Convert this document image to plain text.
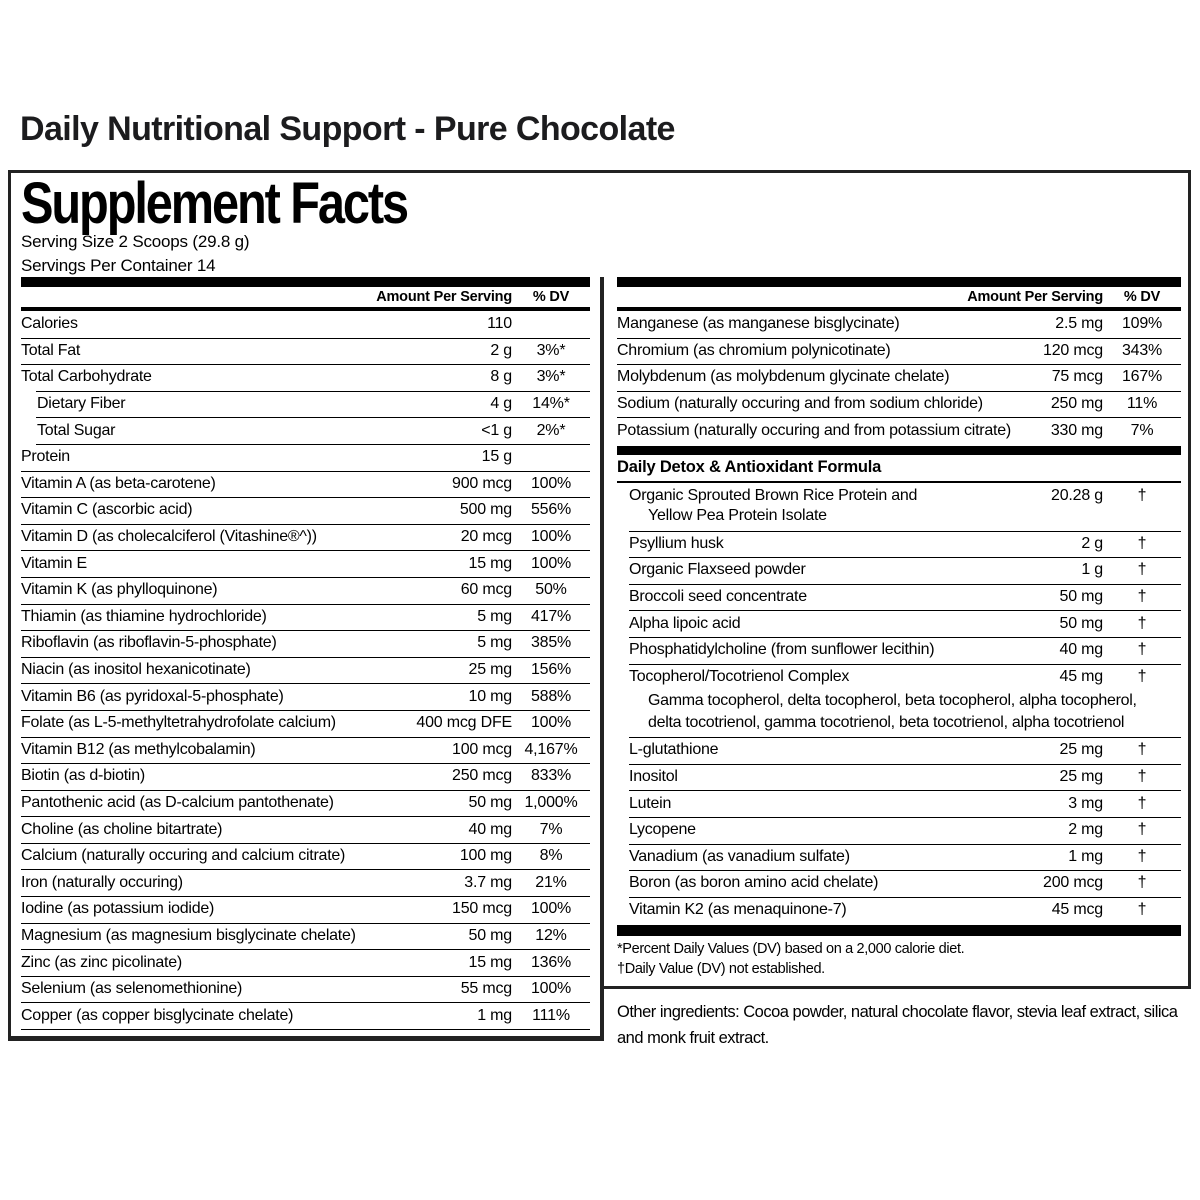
Daily Nutritional Support - Pure Chocolate
Supplement Facts
Serving Size 2 Scoops (29.8 g)
Servings Per Container 14
Amount Per Serving	% DV
Calories	110
Total Fat	2 g	3%*
Total Carbohydrate	8 g	3%*
Dietary Fiber	4 g	14%*
Total Sugar	<1 g	2%*
Protein	15 g
Vitamin A (as beta-carotene)	900 mcg	100%
Vitamin C (ascorbic acid)	500 mg	556%
Vitamin D (as cholecalciferol (Vitashine®^))	20 mcg	100%
Vitamin E	15 mg	100%
Vitamin K (as phylloquinone)	60 mcg	50%
Thiamin (as thiamine hydrochloride)	5 mg	417%
Riboflavin (as riboflavin-5-phosphate)	5 mg	385%
Niacin (as inositol hexanicotinate)	25 mg	156%
Vitamin B6 (as pyridoxal-5-phosphate)	10 mg	588%
Folate (as L-5-methyltetrahydrofolate calcium)	400 mcg DFE	100%
Vitamin B12 (as methylcobalamin)	100 mcg 4,167%
Biotin (as d-biotin)	250 mcg	833%
Pantothenic acid (as D-calcium pantothenate)	50 mg 1,000%
Choline (as choline bitartrate)	40 mg	7%
Calcium (naturally occuring and calcium citrate)	100 mg	8%
Iron (naturally occuring)	3.7 mg	21%
Iodine (as potassium iodide)	150 mcg	100%
Magnesium (as magnesium bisglycinate chelate)	50 mg	12%
Zinc (as zinc picolinate)	15 mg	136%
Selenium (as selenomethionine)	55 mcg	100%
Copper (as copper bisglycinate chelate)	1 mg	111%
Amount Per Serving	% DV
Manganese (as manganese bisglycinate)	2.5 mg	109%
Chromium (as chromium polynicotinate)	120 mcg	343%
Molybdenum (as molybdenum glycinate chelate)	75 mcg	167%
Sodium (naturally occuring and from sodium chloride)	250 mg	11%
Potassium (naturally occuring and from potassium citrate)	330 mg	7%
Daily Detox & Antioxidant Formula
Organic Sprouted Brown Rice Protein and	20.28 g	†
Yellow Pea Protein Isolate
Psyllium husk	2 g	†
Organic Flaxseed powder	1 g	†
Broccoli seed concentrate	50 mg	†
Alpha lipoic acid	50 mg	†
Phosphatidylcholine (from sunflower lecithin)	40 mg	†
Tocopherol/Tocotrienol Complex	45 mg	†
Gamma tocopherol, delta tocopherol, beta tocopherol, alpha tocopherol,
delta tocotrienol, gamma tocotrienol, beta tocotrienol, alpha tocotrienol
L-glutathione	25 mg	†
Inositol	25 mg	†
Lutein	3 mg	†
Lycopene	2 mg	†
Vanadium (as vanadium sulfate)	1 mg	†
Boron (as boron amino acid chelate)	200 mcg	†
Vitamin K2 (as menaquinone-7)	45 mcg	†
*Percent Daily Values (DV) based on a 2,000 calorie diet.
†Daily Value (DV) not established.
Other ingredients: Cocoa powder, natural chocolate flavor, stevia leaf extract, silica and monk fruit extract.
